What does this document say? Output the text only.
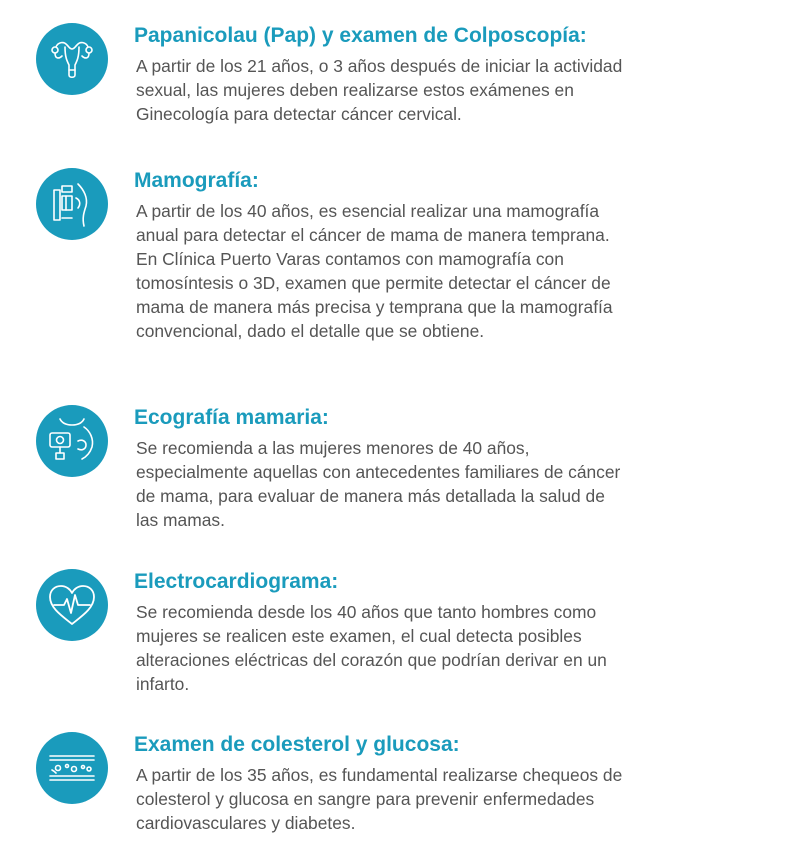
Papanicolau (Pap) y examen de Colposcopía:

A partir de los 21 años, o 3 años después de iniciar la actividad sexual, las mujeres deben realizarse estos exámenes en Ginecología para detectar cáncer cervical.

Mamografía:

A partir de los 40 años, es esencial realizar una mamografía anual para detectar el cáncer de mama de manera temprana. En Clínica Puerto Varas contamos con mamografía con tomosíntesis o 3D, examen que permite detectar el cáncer de mama de manera más precisa y temprana que la mamografía convencional, dado el detalle que se obtiene.

Ecografía mamaria:

Se recomienda a las mujeres menores de 40 años, especialmente aquellas con antecedentes familiares de cáncer de mama, para evaluar de manera más detallada la salud de las mamas.

Electrocardiograma:

Se recomienda desde los 40 años que tanto hombres como mujeres se realicen este examen, el cual detecta posibles alteraciones eléctricas del corazón que podrían derivar en un infarto.

Examen de colesterol y glucosa:

A partir de los 35 años, es fundamental realizarse chequeos de colesterol y glucosa en sangre para prevenir enfermedades cardiovasculares y diabetes.
